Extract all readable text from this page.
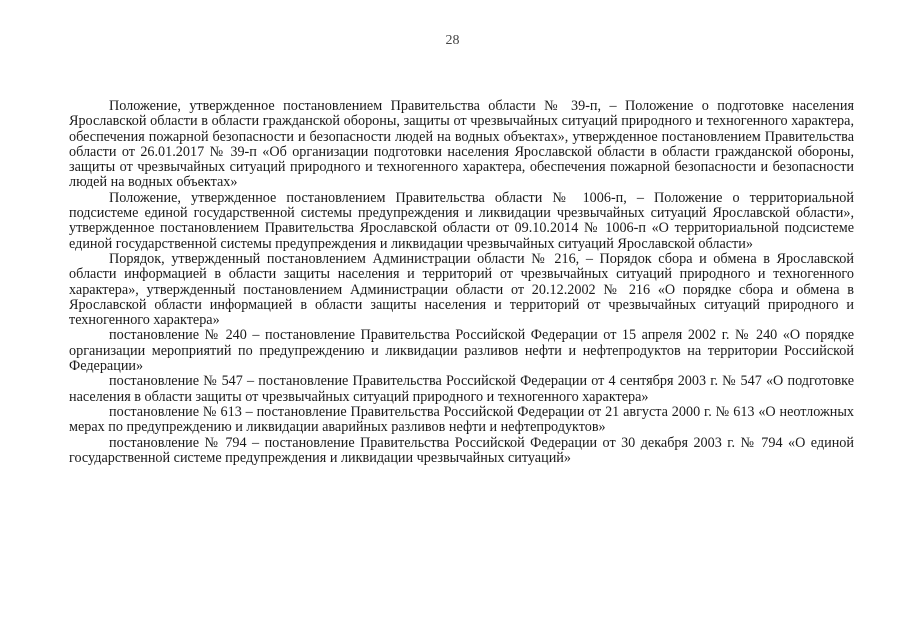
28

Положение, утвержденное постановлением Правительства области № 39-п, – Положение о подготовке населения Ярославской области в области гражданской обороны, защиты от чрезвычайных ситуаций природного и техногенного характера, обеспечения пожарной безопасности и безопасности людей на водных объектах», утвержденное постановлением Правительства области от 26.01.2017 № 39-п «Об организации подготовки населения Ярославской области в области гражданской обороны, защиты от чрезвычайных ситуаций природного и техногенного характера, обеспечения пожарной безопасности и безопасности людей на водных объектах»

Положение, утвержденное постановлением Правительства области № 1006-п, – Положение о территориальной подсистеме единой государственной системы предупреждения и ликвидации чрезвычайных ситуаций Ярославской области», утвержденное постановлением Правительства Ярославской области от 09.10.2014 № 1006-п «О территориальной подсистеме единой государственной системы предупреждения и ликвидации чрезвычайных ситуаций Ярославской области»

Порядок, утвержденный постановлением Администрации области № 216, – Порядок сбора и обмена в Ярославской области информацией в области защиты населения и территорий от чрезвычайных ситуаций природного и техногенного характера», утвержденный постановлением Администрации области от 20.12.2002 № 216 «О порядке сбора и обмена в Ярославской области информацией в области защиты населения и территорий от чрезвычайных ситуаций природного и техногенного характера»

постановление № 240 – постановление Правительства Российской Федерации от 15 апреля 2002 г. № 240 «О порядке организации мероприятий по предупреждению и ликвидации разливов нефти и нефтепродуктов на территории Российской Федерации»

постановление № 547 – постановление Правительства Российской Федерации от 4 сентября 2003 г. № 547 «О подготовке населения в области защиты от чрезвычайных ситуаций природного и техногенного характера»

постановление № 613 – постановление Правительства Российской Федерации от 21 августа 2000 г. № 613 «О неотложных мерах по предупреждению и ликвидации аварийных разливов нефти и нефтепродуктов»

постановление № 794 – постановление Правительства Российской Федерации от 30 декабря 2003 г. № 794 «О единой государственной системе предупреждения и ликвидации чрезвычайных ситуаций»
